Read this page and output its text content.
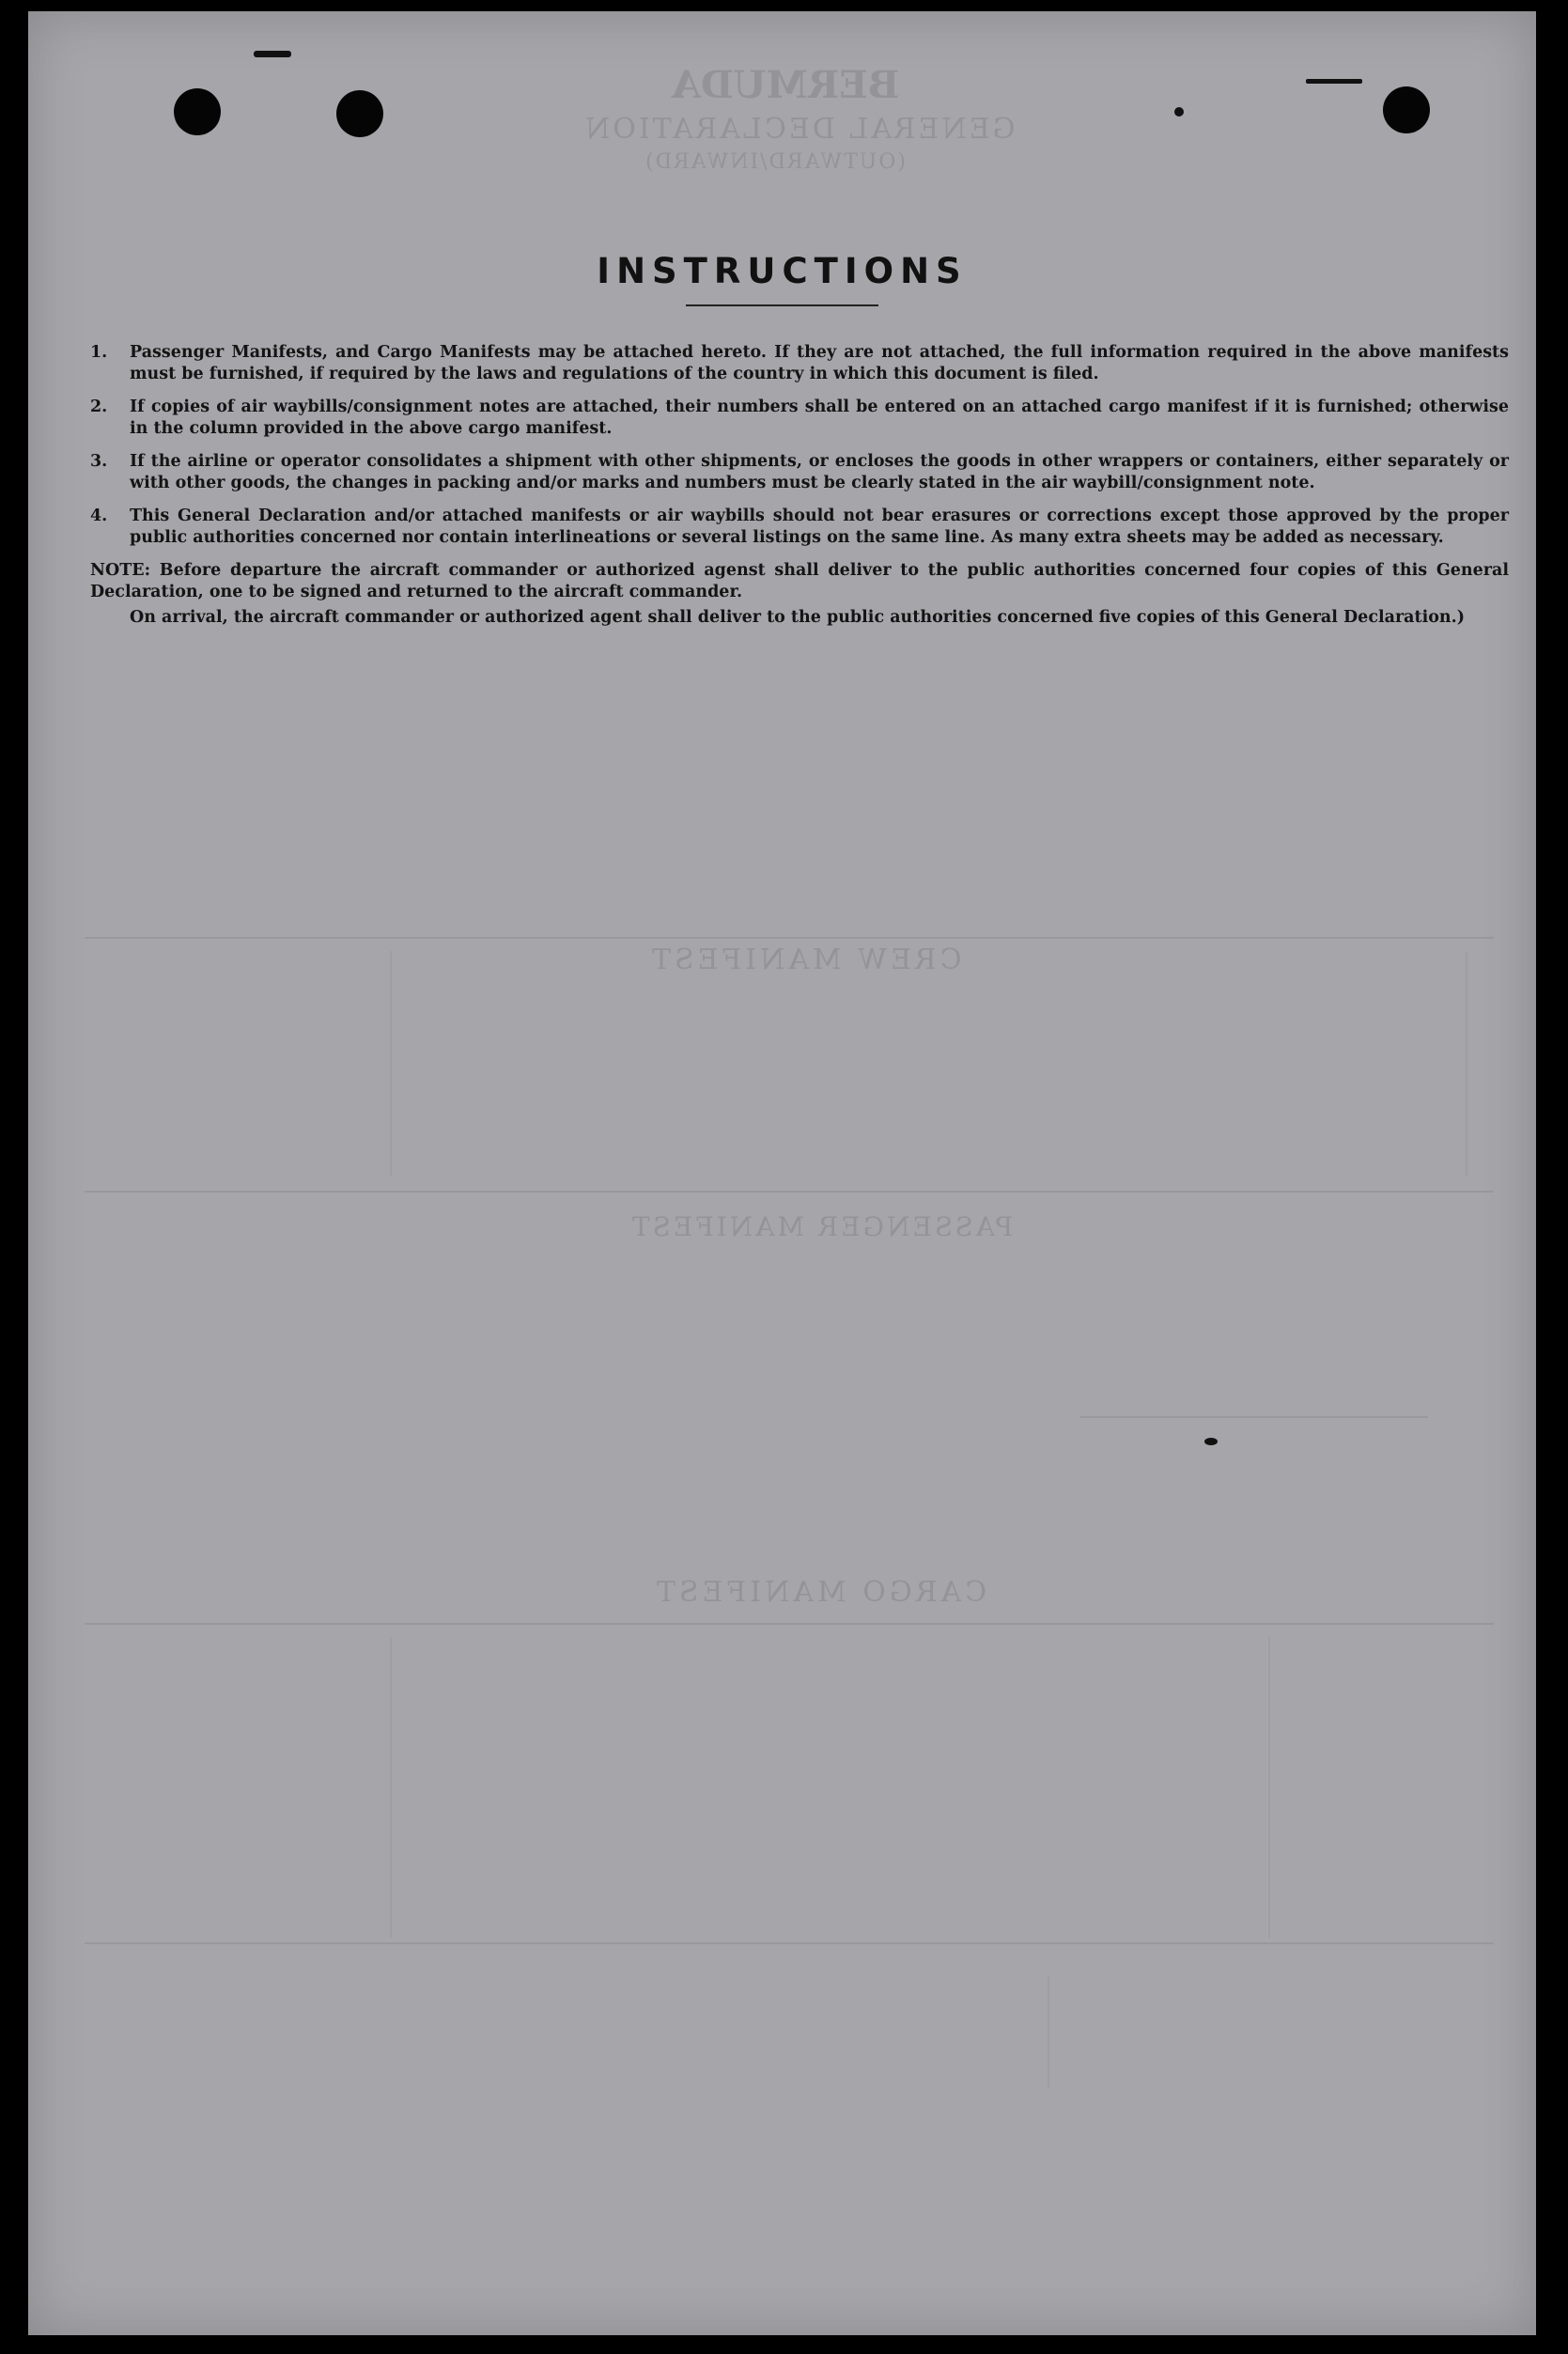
BERMUDA
GENERAL DECLARATION
(OUTWARD/INWARD)
CREW MANIFEST
PASSENGER MANIFEST
CARGO MANIFEST
INSTRUCTIONS
1. Passenger Manifests, and Cargo Manifests may be attached hereto. If they are not attached, the full information required in the above manifests must be furnished, if required by the laws and regulations of the country in which this document is filed.
2. If copies of air waybills/consignment notes are attached, their numbers shall be entered on an attached cargo manifest if it is furnished; otherwise in the column provided in the above cargo manifest.
3. If the airline or operator consolidates a shipment with other shipments, or encloses the goods in other wrappers or containers, either separately or with other goods, the changes in packing and/or marks and numbers must be clearly stated in the air waybill/consignment note.
4. This General Declaration and/or attached manifests or air waybills should not bear erasures or corrections except those approved by the proper public authorities concerned nor contain interlineations or several listings on the same line. As many extra sheets may be added as necessary.

NOTE: Before departure the aircraft commander or authorized agenst shall deliver to the public authorities concerned four copies of this General Declaration, one to be signed and returned to the aircraft commander.

On arrival, the aircraft commander or authorized agent shall deliver to the public authorities concerned five copies of this General Declaration.)
